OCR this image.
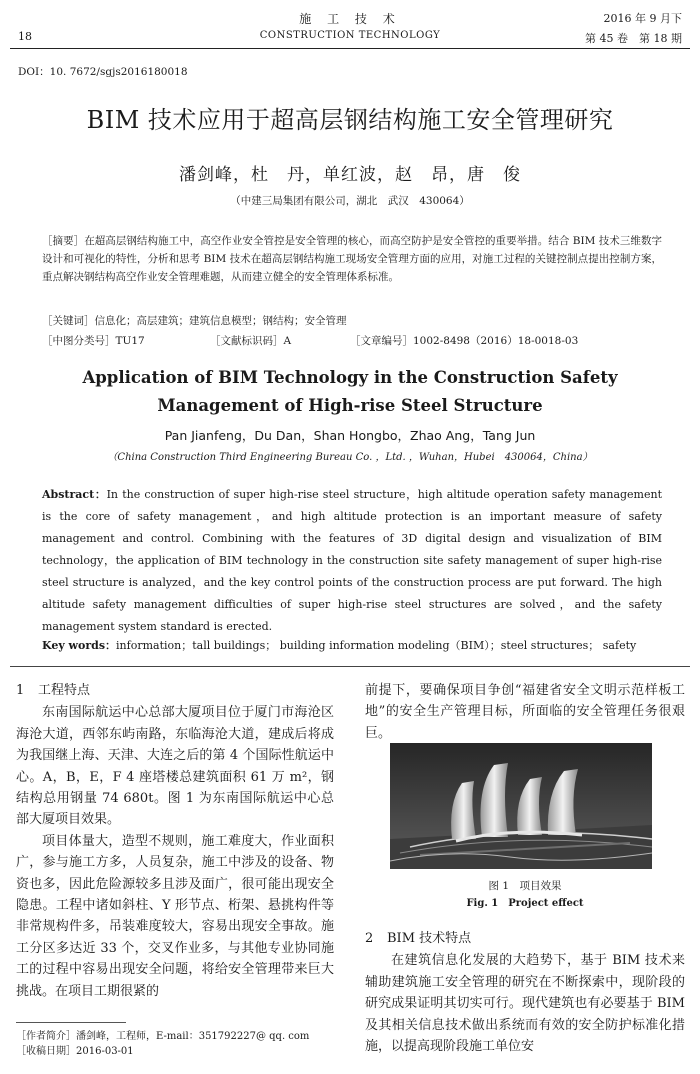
18
施 工 技 术
CONSTRUCTION TECHNOLOGY
2016 年 9 月下
第 45 卷　第 18 期
DOI：10. 7672/sgjs2016180018
BIM 技术应用于超高层钢结构施工安全管理研究
潘剑峰，杜　丹，单红波，赵　昂，唐　俊
（中建三局集团有限公司，湖北　武汉　430064）
［摘要］在超高层钢结构施工中，高空作业安全管控是安全管理的核心，而高空防护是安全管控的重要举措。结合 BIM 技术三维数字设计和可视化的特性，分析和思考 BIM 技术在超高层钢结构施工现场安全管理方面的应用，对施工过程的关键控制点提出控制方案，重点解决钢结构高空作业安全管理难题，从而建立健全的安全管理体系标准。
［关键词］信息化；高层建筑；建筑信息模型；钢结构；安全管理
［中图分类号］TU17	［文献标识码］A	［文章编号］1002-8498（2016）18-0018-03
Application of BIM Technology in the Construction Safety
Management of High-rise Steel Structure
Pan Jianfeng，Du Dan，Shan Hongbo，Zhao Ang，Tang Jun
（China Construction Third Engineering Bureau Co. ，Ltd. ，Wuhan，Hubei　430064，China）
Abstract：In the construction of super high-rise steel structure，high altitude operation safety management is the core of safety management，and high altitude protection is an important measure of safety management and control. Combining with the features of 3D digital design and visualization of BIM technology，the application of BIM technology in the construction site safety management of super high-rise steel structure is analyzed，and the key control points of the construction process are put forward. The high altitude safety management difficulties of super high-rise steel structures are solved，and the safety management system standard is erected.
Key words：information；tall buildings； building information modeling（BIM）；steel structures； safety
1 工程特点

东南国际航运中心总部大厦项目位于厦门市海沧区海沧大道，西邻东屿南路，东临海沧大道，建成后将成为我国继上海、天津、大连之后的第 4 个国际性航运中心。A，B，E，F 4 座塔楼总建筑面积 61 万 m²，钢结构总用钢量 74 680t。图 1 为东南国际航运中心总部大厦项目效果。

项目体量大，造型不规则，施工难度大，作业面积广，参与施工方多，人员复杂，施工中涉及的设备、物资也多，因此危险源较多且涉及面广，很可能出现安全隐患。工程中诸如斜柱、Y 形节点、桁架、悬挑构件等非常规构件多，吊装难度较大，容易出现安全事故。施工分区多达近 33 个，交叉作业多，与其他专业协同施工的过程中容易出现安全问题，将给安全管理带来巨大挑战。在项目工期很紧的

前提下，要确保项目争创“福建省安全文明示范样板工地”的安全生产管理目标，所面临的安全管理任务很艰巨。

图 1　项目效果
Fig. 1　Project effect
2 BIM 技术特点

在建筑信息化发展的大趋势下，基于 BIM 技术来辅助建筑施工安全管理的研究在不断探索中，现阶段的研究成果证明其切实可行。现代建筑也有必要基于 BIM 及其相关信息技术做出系统而有效的安全防护标准化措施，以提高现阶段施工单位安

［作者简介］潘剑峰，工程师，E-mail：351792227@ qq. com
［收稿日期］2016-03-01
